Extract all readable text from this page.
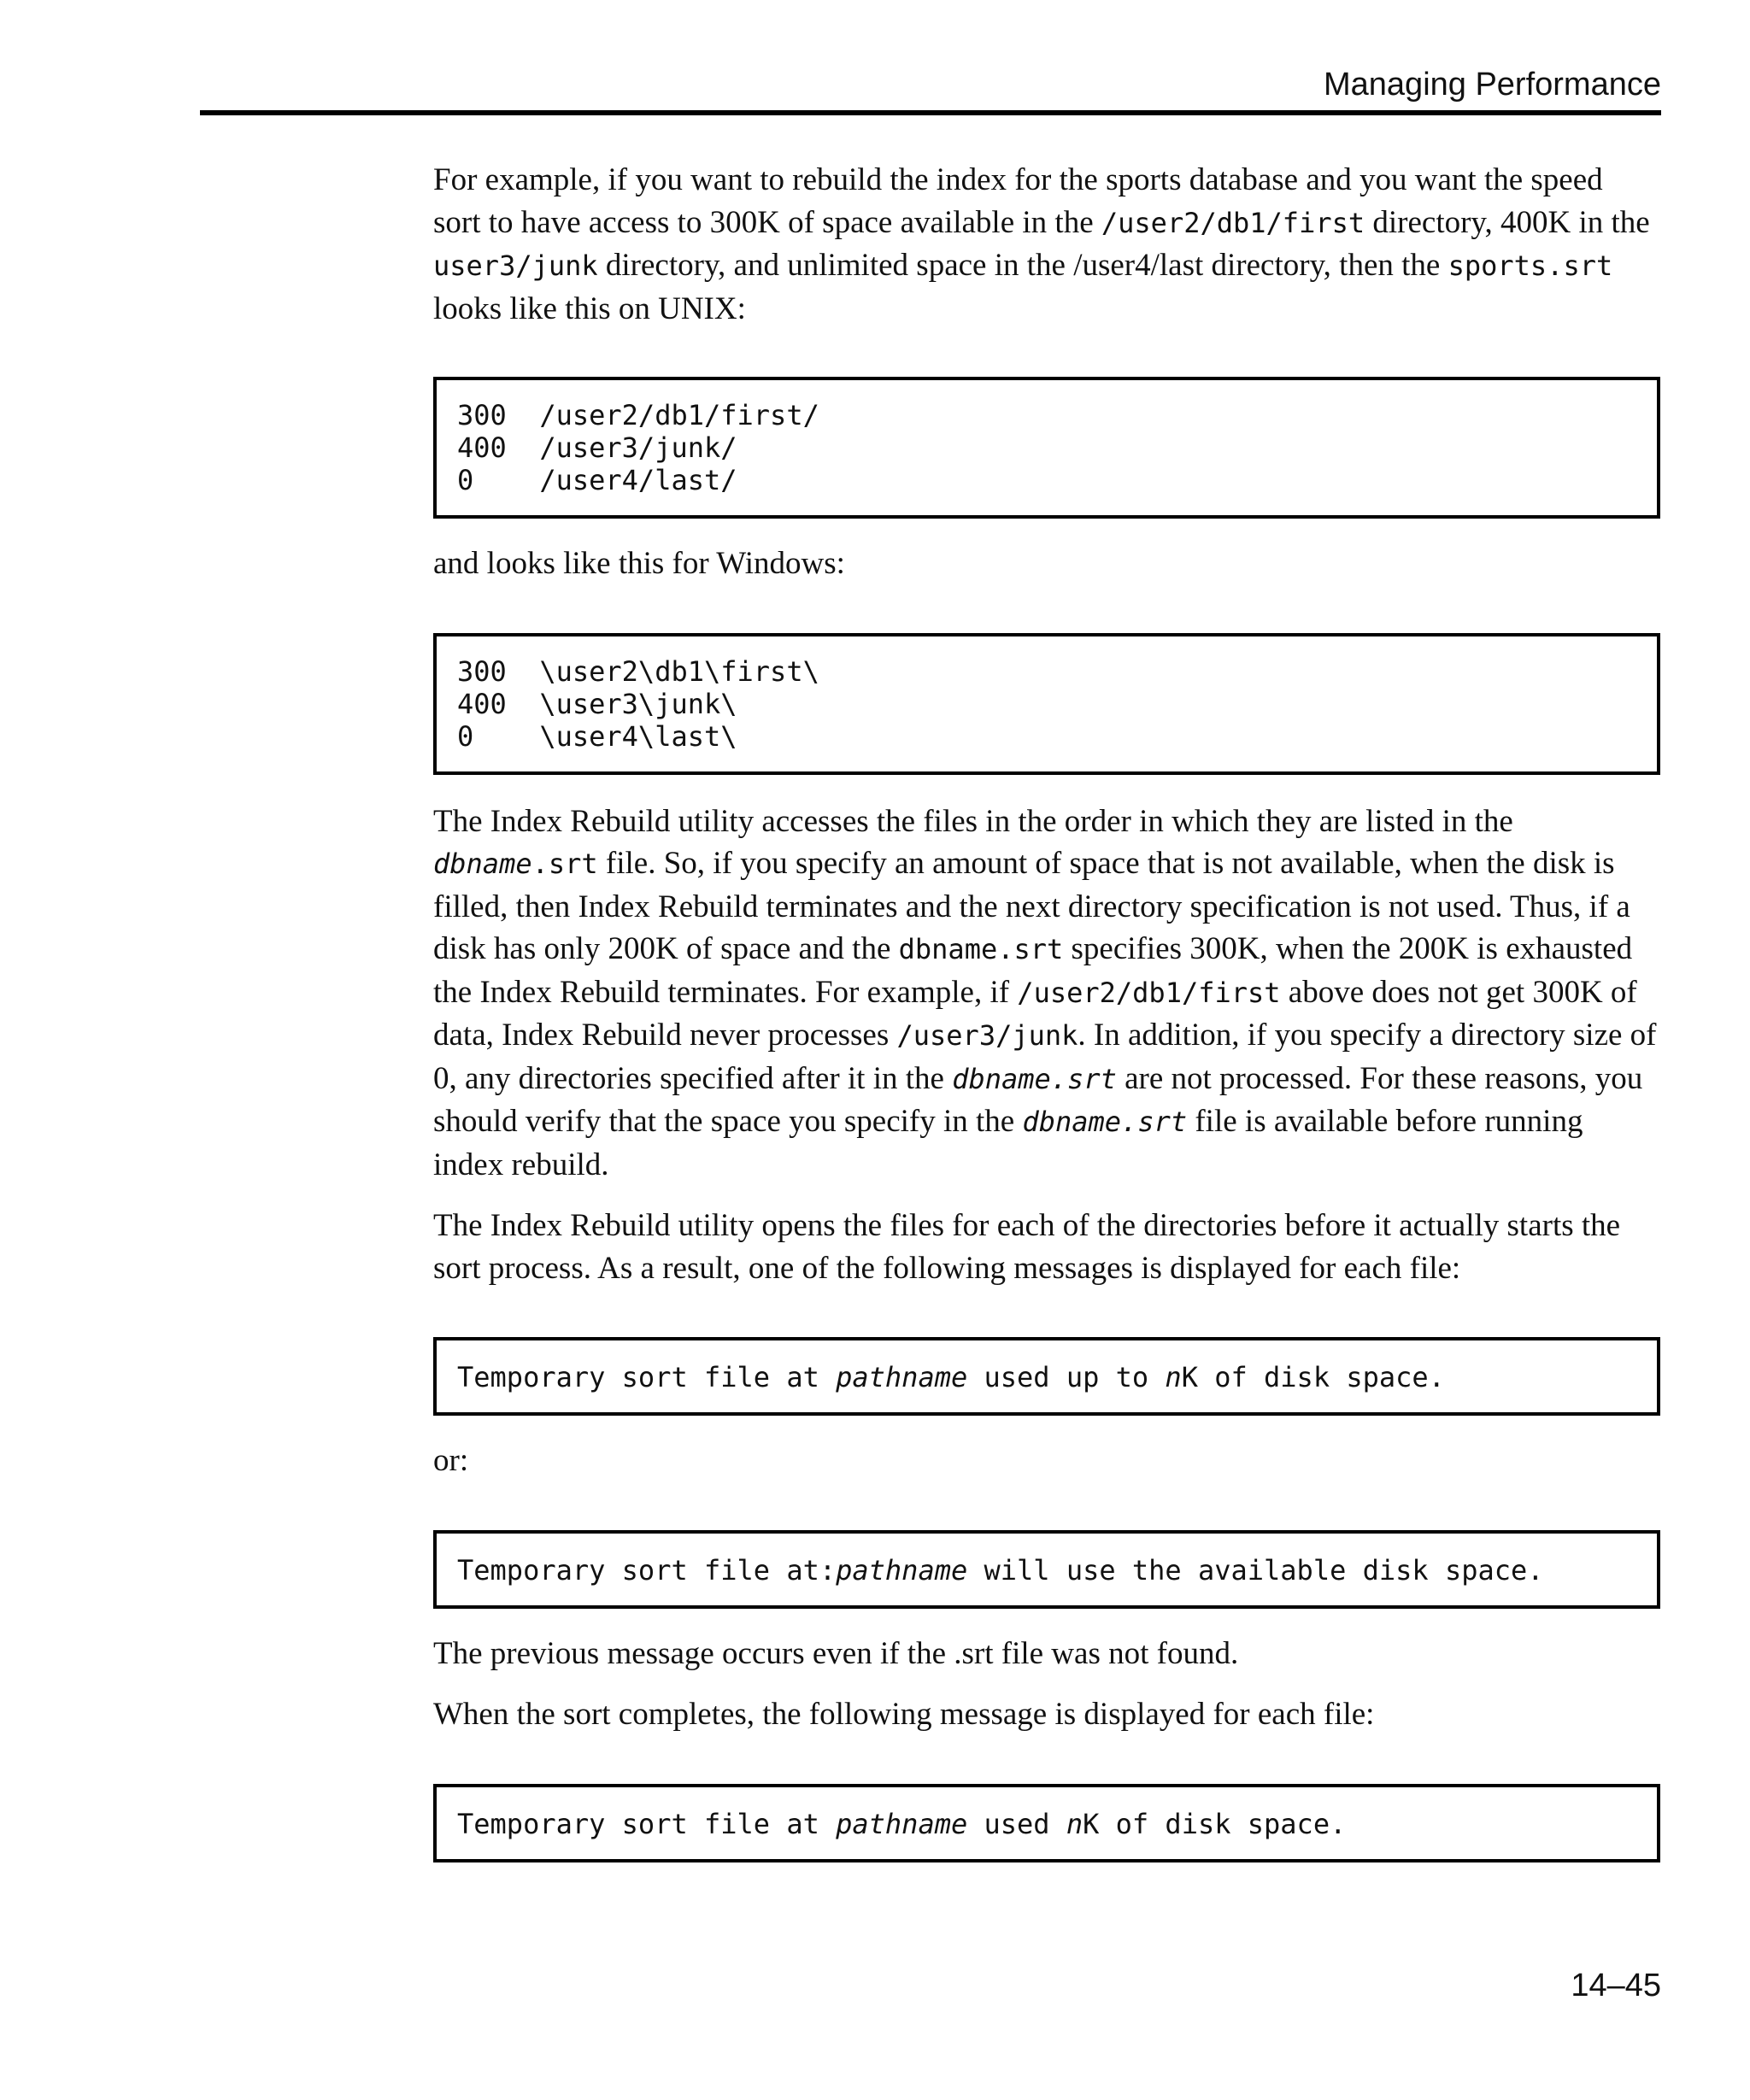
Managing Performance

For example, if you want to rebuild the index for the sports database and you want the speed sort to have access to 300K of space available in the /user2/db1/first directory, 400K in the user3/junk directory, and unlimited space in the /user4/last directory, then the sports.srt looks like this on UNIX:

300 /user2/db1/first/
400 /user3/junk/
0 /user4/last/

and looks like this for Windows:

300 \user2\db1\first\
400 \user3\junk\
0 \user4\last\

The Index Rebuild utility accesses the files in the order in which they are listed in the dbname.srt file. So, if you specify an amount of space that is not available, when the disk is filled, then Index Rebuild terminates and the next directory specification is not used. Thus, if a disk has only 200K of space and the dbname.srt specifies 300K, when the 200K is exhausted the Index Rebuild terminates. For example, if /user2/db1/first above does not get 300K of data, Index Rebuild never processes /user3/junk. In addition, if you specify a directory size of 0, any directories specified after it in the dbname.srt are not processed. For these reasons, you should verify that the space you specify in the dbname.srt file is available before running index rebuild.

The Index Rebuild utility opens the files for each of the directories before it actually starts the sort process. As a result, one of the following messages is displayed for each file:

Temporary sort file at pathname used up to nK of disk space.

or:

Temporary sort file at:pathname will use the available disk space.

The previous message occurs even if the .srt file was not found.

When the sort completes, the following message is displayed for each file:

Temporary sort file at pathname used nK of disk space.
14–45
